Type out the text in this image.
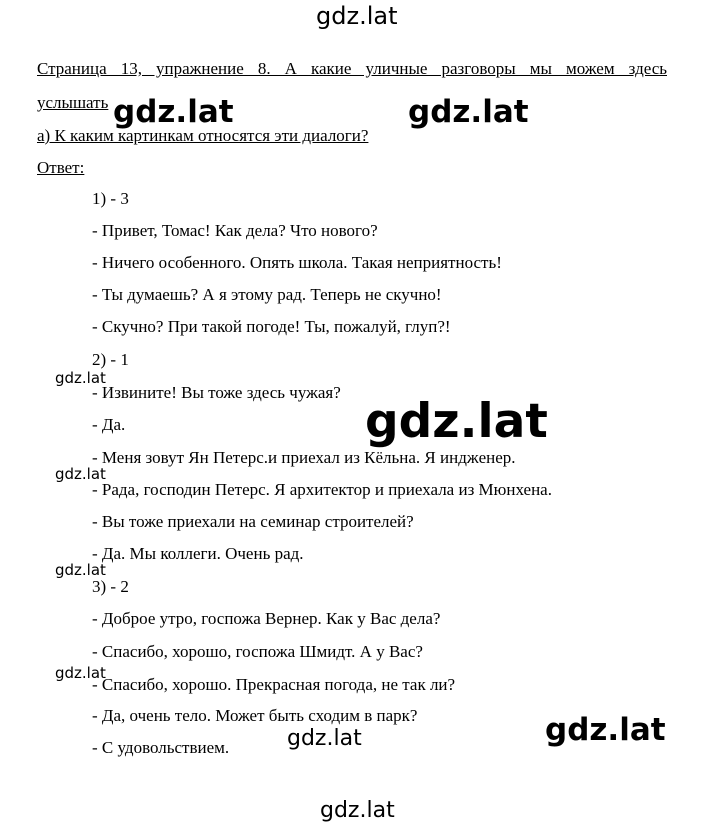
gdz.lat
Страница 13, упражнение 8. А какие уличные разговоры мы можем здесь
услышать
а) К каким картинкам относятся эти диалоги?
Ответ:
gdz.lat	gdz.lat
1) - 3
- Привет, Томас! Как дела? Что нового?
- Ничего особенного. Опять школа. Такая неприятность!
- Ты думаешь? А я этому рад. Теперь не скучно!
- Скучно? При такой погоде! Ты, пожалуй, глуп?!
2) - 1
- Извините! Вы тоже здесь чужая?
- Да.
- Меня зовут Ян Петерс.и приехал из Кёльна. Я инджeнер.
- Рада, господин Петерс. Я архитектор и приехала из Мюнхена.
- Вы тоже приехали на семинар строителей?
- Да. Мы коллеги. Очень рад.
3) - 2
- Доброе утро, госпожа Вернер. Как у Вас дела?
- Спасибо, хорошо, госпожа Шмидт. А у Вас?
- Спасибо, хорошо. Прекрасная погода, не так ли?
- Да, очень тело. Может быть сходим в парк?
- С удовольствием.
gdz.lat
gdz.lat
gdz.lat
gdz.lat
gdz.lat
gdz.lat
gdz.lat
gdz.lat
